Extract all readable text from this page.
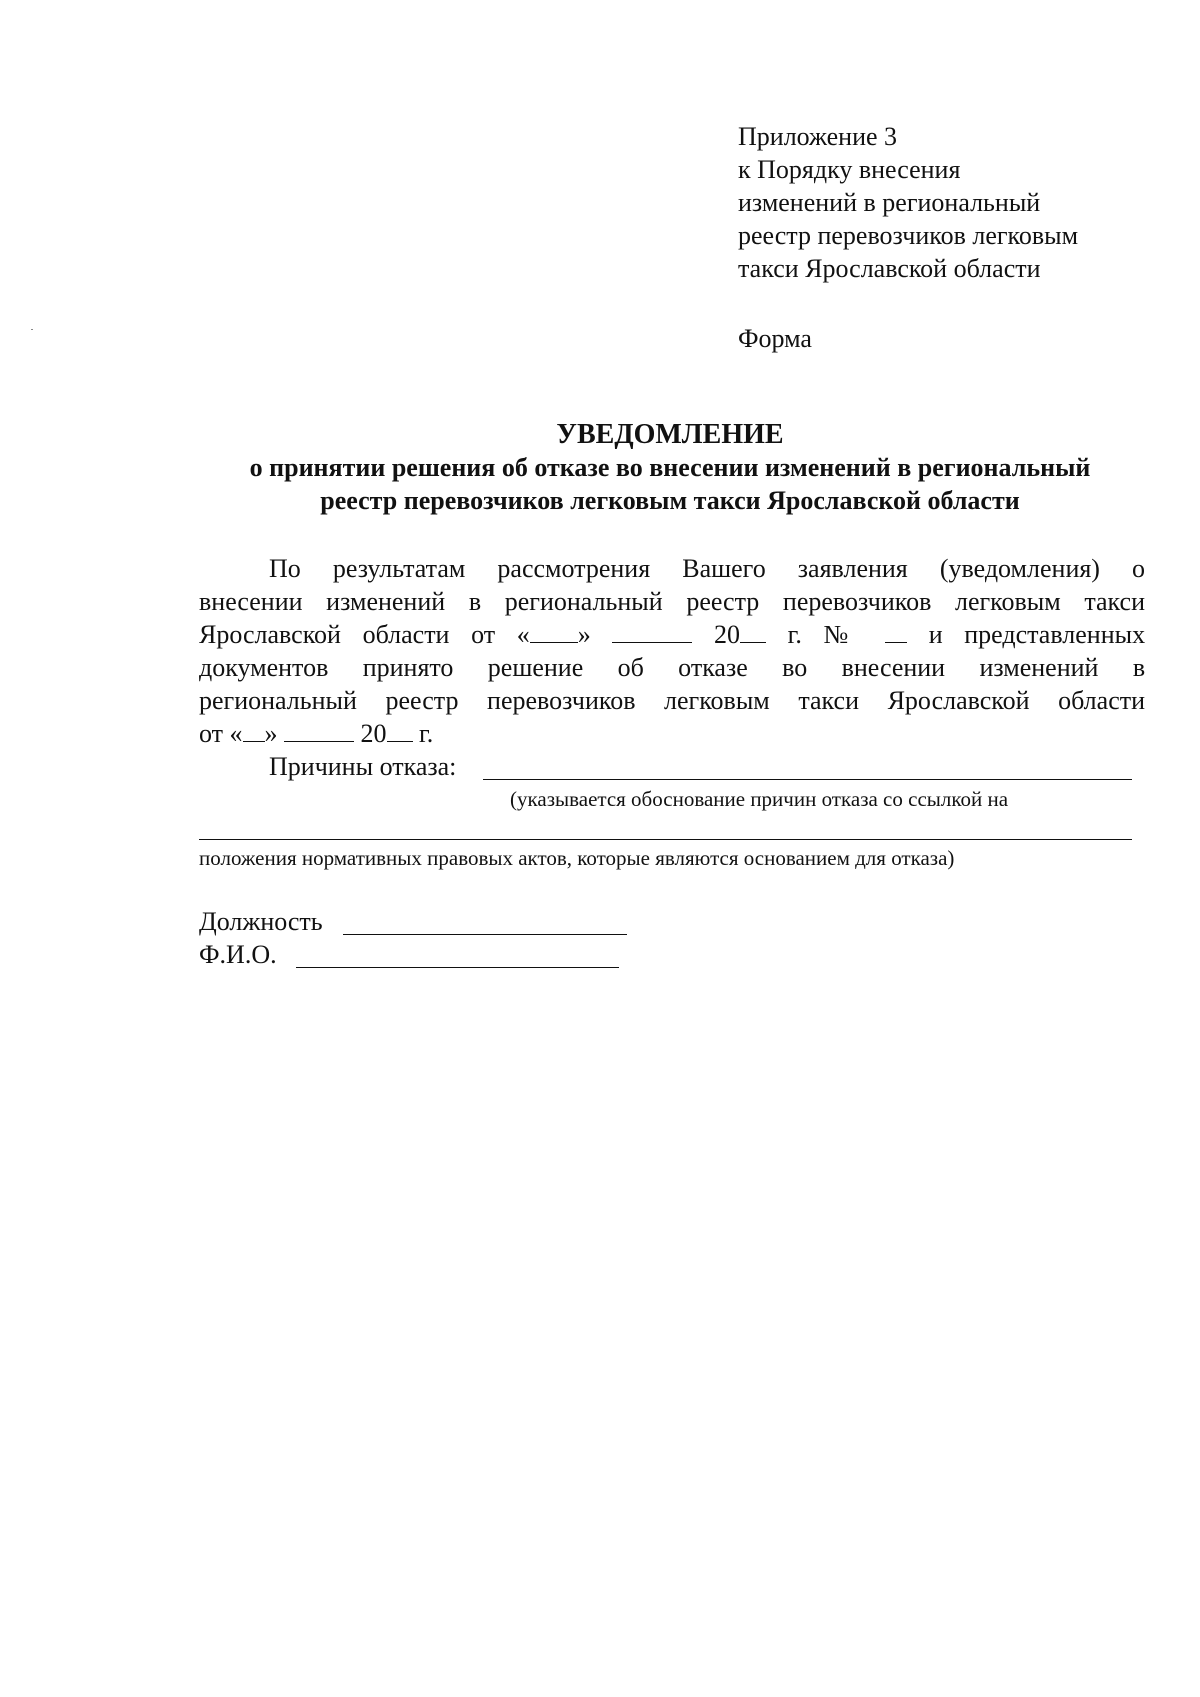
Приложение 3
к Порядку внесения
изменений в региональный
реестр перевозчиков легковым
такси Ярославской области
Форма
УВЕДОМЛЕНИЕ
о принятии решения об отказе во внесении изменений в региональный
реестр перевозчиков легковым такси Ярославской области
По результатам рассмотрения Вашего заявления (уведомления) о
внесении изменений в региональный реестр перевозчиков легковым такси
Ярославской области от « »	20 г. №	и представленных
документов принято решение об отказе во внесении изменений в
региональный реестр перевозчиков легковым такси Ярославской области
от « »	20 г.
Причины отказа:
(указывается обоснование причин отказа со ссылкой на
положения нормативных правовых актов, которые являются основанием для отказа)
Должность
Ф.И.О.
